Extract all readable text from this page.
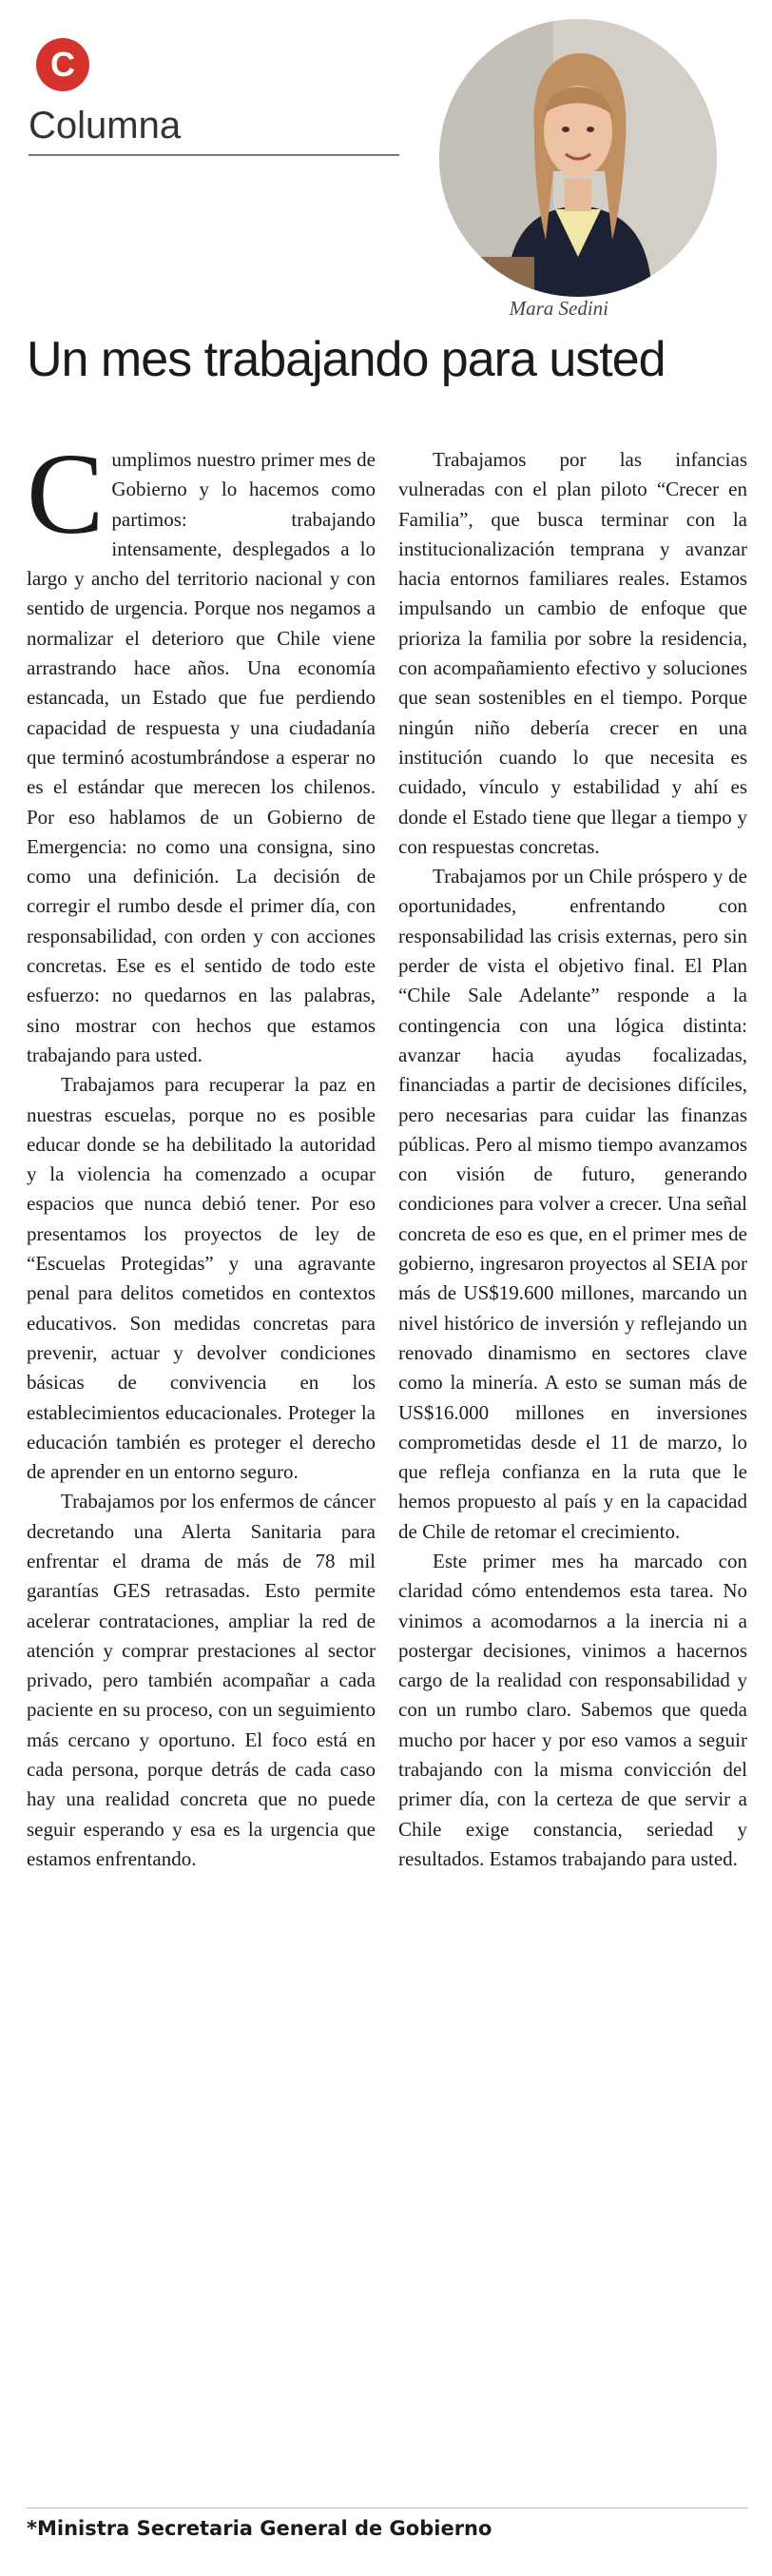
C
Columna
Mara Sedini
Un mes trabajando para usted

Cumplimos nuestro primer mes de Gobierno y lo hacemos como partimos: trabajando intensamente, desplegados a lo largo y ancho del territorio nacional y con sentido de urgencia. Porque nos negamos a normalizar el deterioro que Chile viene arrastrando hace años. Una economía estancada, un Estado que fue perdiendo capacidad de respuesta y una ciudadanía que terminó acostumbrándose a esperar no es el estándar que merecen los chilenos. Por eso hablamos de un Gobierno de Emergencia: no como una consigna, sino como una definición. La decisión de corregir el rumbo desde el primer día, con responsabilidad, con orden y con acciones concretas. Ese es el sentido de todo este esfuerzo: no quedarnos en las palabras, sino mostrar con hechos que estamos trabajando para usted.

Trabajamos para recuperar la paz en nuestras escuelas, porque no es posible educar donde se ha debilitado la autoridad y la violencia ha comenzado a ocupar espacios que nunca debió tener. Por eso presentamos los proyectos de ley de “Escuelas Protegidas” y una agravante penal para delitos cometidos en contextos educativos. Son medidas concretas para prevenir, actuar y devolver condiciones básicas de convivencia en los establecimientos educacionales. Proteger la educación también es proteger el derecho de aprender en un entorno seguro.

Trabajamos por los enfermos de cáncer decretando una Alerta Sanitaria para enfrentar el drama de más de 78 mil garantías GES retrasadas. Esto permite acelerar contrataciones, ampliar la red de atención y comprar prestaciones al sector privado, pero también acompañar a cada paciente en su proceso, con un seguimiento más cercano y oportuno. El foco está en cada persona, porque detrás de cada caso hay una realidad concreta que no puede seguir esperando y esa es la urgencia que estamos enfrentando.

Trabajamos por las infancias vulneradas con el plan piloto “Crecer en Familia”, que busca terminar con la institucionalización temprana y avanzar hacia entornos familiares reales. Estamos impulsando un cambio de enfoque que prioriza la familia por sobre la residencia, con acompañamiento efectivo y soluciones que sean sostenibles en el tiempo. Porque ningún niño debería crecer en una institución cuando lo que necesita es cuidado, vínculo y estabilidad y ahí es donde el Estado tiene que llegar a tiempo y con respuestas concretas.

Trabajamos por un Chile próspero y de oportunidades, enfrentando con responsabilidad las crisis externas, pero sin perder de vista el objetivo final. El Plan “Chile Sale Adelante” responde a la contingencia con una lógica distinta: avanzar hacia ayudas focalizadas, financiadas a partir de decisiones difíciles, pero necesarias para cuidar las finanzas públicas. Pero al mismo tiempo avanzamos con visión de futuro, generando condiciones para volver a crecer. Una señal concreta de eso es que, en el primer mes de gobierno, ingresaron proyectos al SEIA por más de US$19.600 millones, marcando un nivel histórico de inversión y reflejando un renovado dinamismo en sectores clave como la minería. A esto se suman más de US$16.000 millones en inversiones comprometidas desde el 11 de marzo, lo que refleja confianza en la ruta que le hemos propuesto al país y en la capacidad de Chile de retomar el crecimiento.

Este primer mes ha marcado con claridad cómo entendemos esta tarea. No vinimos a acomodarnos a la inercia ni a postergar decisiones, vinimos a hacernos cargo de la realidad con responsabilidad y con un rumbo claro. Sabemos que queda mucho por hacer y por eso vamos a seguir trabajando con la misma convicción del primer día, con la certeza de que servir a Chile exige constancia, seriedad y resultados. Estamos trabajando para usted.

*Ministra Secretaria General de Gobierno
